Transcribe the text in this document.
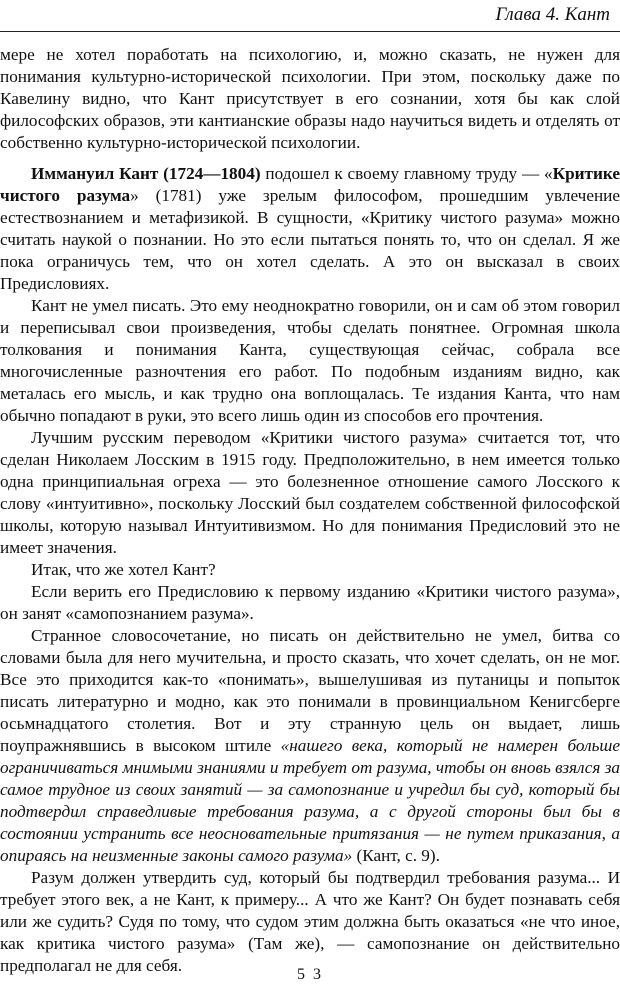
Глава 4. Кант

мере не хотел поработать на психологию, и, можно сказать, не нужен для понимания культурно-исторической психологии. При этом, поскольку даже по Кавелину видно, что Кант присутствует в его сознании, хотя бы как слой философских образов, эти кантианские образы надо научиться видеть и отделять от собственно культурно-исторической психологии.

Иммануил Кант (1724—1804) подошел к своему главному труду — «Критике чистого разума» (1781) уже зрелым философом, прошедшим увлечение естествознанием и метафизикой. В сущности, «Критику чистого разума» можно считать наукой о познании. Но это если пытаться понять то, что он сделал. Я же пока ограничусь тем, что он хотел сделать. А это он высказал в своих Предисловиях.

Кант не умел писать. Это ему неоднократно говорили, он и сам об этом говорил и переписывал свои произведения, чтобы сделать понятнее. Огромная школа толкования и понимания Канта, существующая сейчас, собрала все многочисленные разночтения его работ. По подобным изданиям видно, как металась его мысль, и как трудно она воплощалась. Те издания Канта, что нам обычно попадают в руки, это всего лишь один из способов его прочтения.

Лучшим русским переводом «Критики чистого разума» считается тот, что сделан Николаем Лосским в 1915 году. Предположительно, в нем имеется только одна принципиальная огреха — это болезненное отношение самого Лосского к слову «интуитивно», поскольку Лосский был создателем собственной философской школы, которую называл Интуитивизмом. Но для понимания Предисловий это не имеет значения.

Итак, что же хотел Кант?

Если верить его Предисловию к первому изданию «Критики чистого разума», он занят «самопознанием разума».

Странное словосочетание, но писать он действительно не умел, битва со словами была для него мучительна, и просто сказать, что хочет сделать, он не мог. Все это приходится как-то «понимать», вышелушивая из путаницы и попыток писать литературно и модно, как это понимали в провинциальном Кенигсберге осьмнадцатого столетия. Вот и эту странную цель он выдает, лишь поупражнявшись в высоком штиле «нашего века, который не намерен больше ограничиваться мнимыми знаниями и требует от разума, чтобы он вновь взялся за самое трудное из своих занятий — за самопознание и учредил бы суд, который бы подтвердил справедливые требования разума, а с другой стороны был бы в состоянии устранить все неосновательные притязания — не путем приказания, а опираясь на неизменные законы самого разума» (Кант, с. 9).

Разум должен утвердить суд, который бы подтвердил требования разума... И требует этого век, а не Кант, к примеру... А что же Кант? Он будет познавать себя или же судить? Судя по тому, что судом этим должна быть оказаться «не что иное, как критика чистого разума» (Там же), — самопознание он действительно предполагал не для себя.	5 3
